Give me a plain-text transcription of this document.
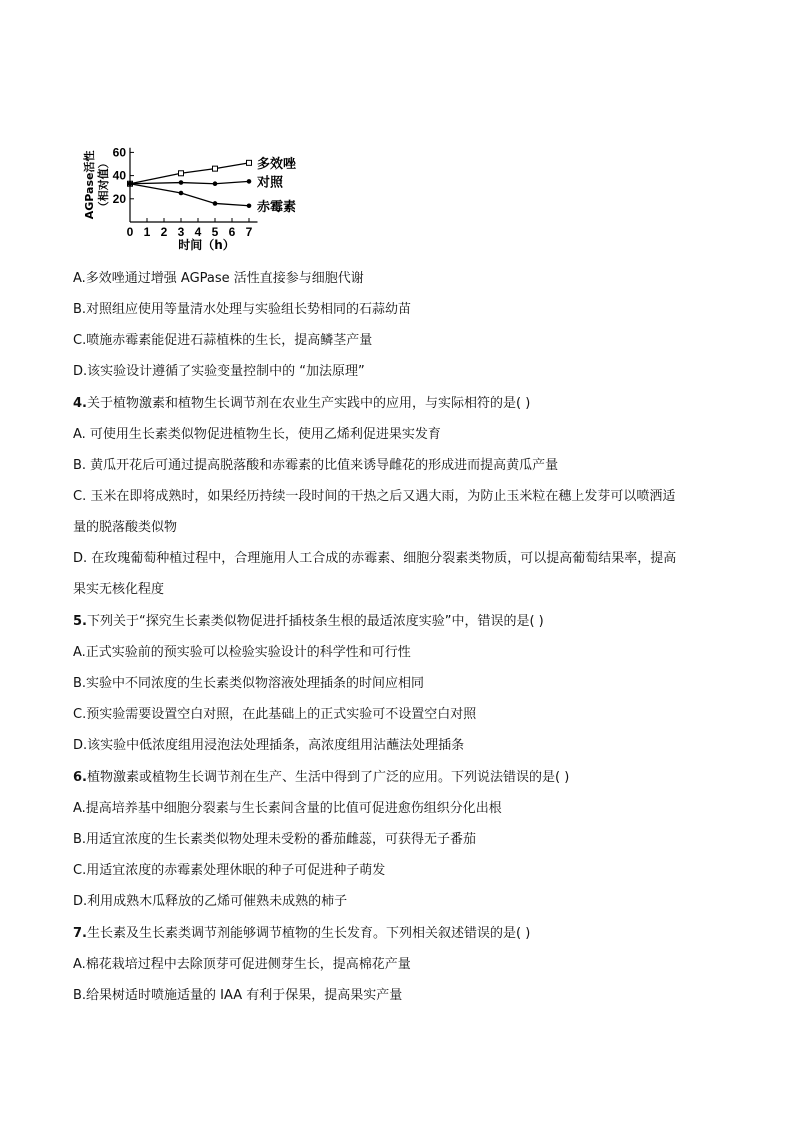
20
40
60
0 1 2 3 4 5 6 7
时间（h）
AGPase活性 （相对值）	多效唑
对照
赤霉素
A.多效唑通过增强 AGPase 活性直接参与细胞代谢
B.对照组应使用等量清水处理与实验组长势相同的石蒜幼苗
C.喷施赤霉素能促进石蒜植株的生长，提高鳞茎产量
D.该实验设计遵循了实验变量控制中的 “加法原理”
4.关于植物激素和植物生长调节剂在农业生产实践中的应用，与实际相符的是( )
A. 可使用生长素类似物促进植物生长，使用乙烯利促进果实发育
B. 黄瓜开花后可通过提高脱落酸和赤霉素的比值来诱导雌花的形成进而提高黄瓜产量
C. 玉米在即将成熟时，如果经历持续一段时间的干热之后又遇大雨，为防止玉米粒在穗上发芽可以喷洒适
量的脱落酸类似物
D. 在玫瑰葡萄种植过程中，合理施用人工合成的赤霉素、细胞分裂素类物质，可以提高葡萄结果率，提高
果实无核化程度
5.下列关于“探究生长素类似物促进扦插枝条生根的最适浓度实验”中，错误的是( )
A.正式实验前的预实验可以检验实验设计的科学性和可行性
B.实验中不同浓度的生长素类似物溶液处理插条的时间应相同
C.预实验需要设置空白对照，在此基础上的正式实验可不设置空白对照
D.该实验中低浓度组用浸泡法处理插条，高浓度组用沾蘸法处理插条
6.植物激素或植物生长调节剂在生产、生活中得到了广泛的应用。下列说法错误的是( )
A.提高培养基中细胞分裂素与生长素间含量的比值可促进愈伤组织分化出根
B.用适宜浓度的生长素类似物处理未受粉的番茄雌蕊，可获得无子番茄
C.用适宜浓度的赤霉素处理休眠的种子可促进种子萌发
D.利用成熟木瓜释放的乙烯可催熟未成熟的柿子
7.生长素及生长素类调节剂能够调节植物的生长发育。下列相关叙述错误的是( )
A.棉花栽培过程中去除顶芽可促进侧芽生长，提高棉花产量
B.给果树适时喷施适量的 IAA 有利于保果，提高果实产量
